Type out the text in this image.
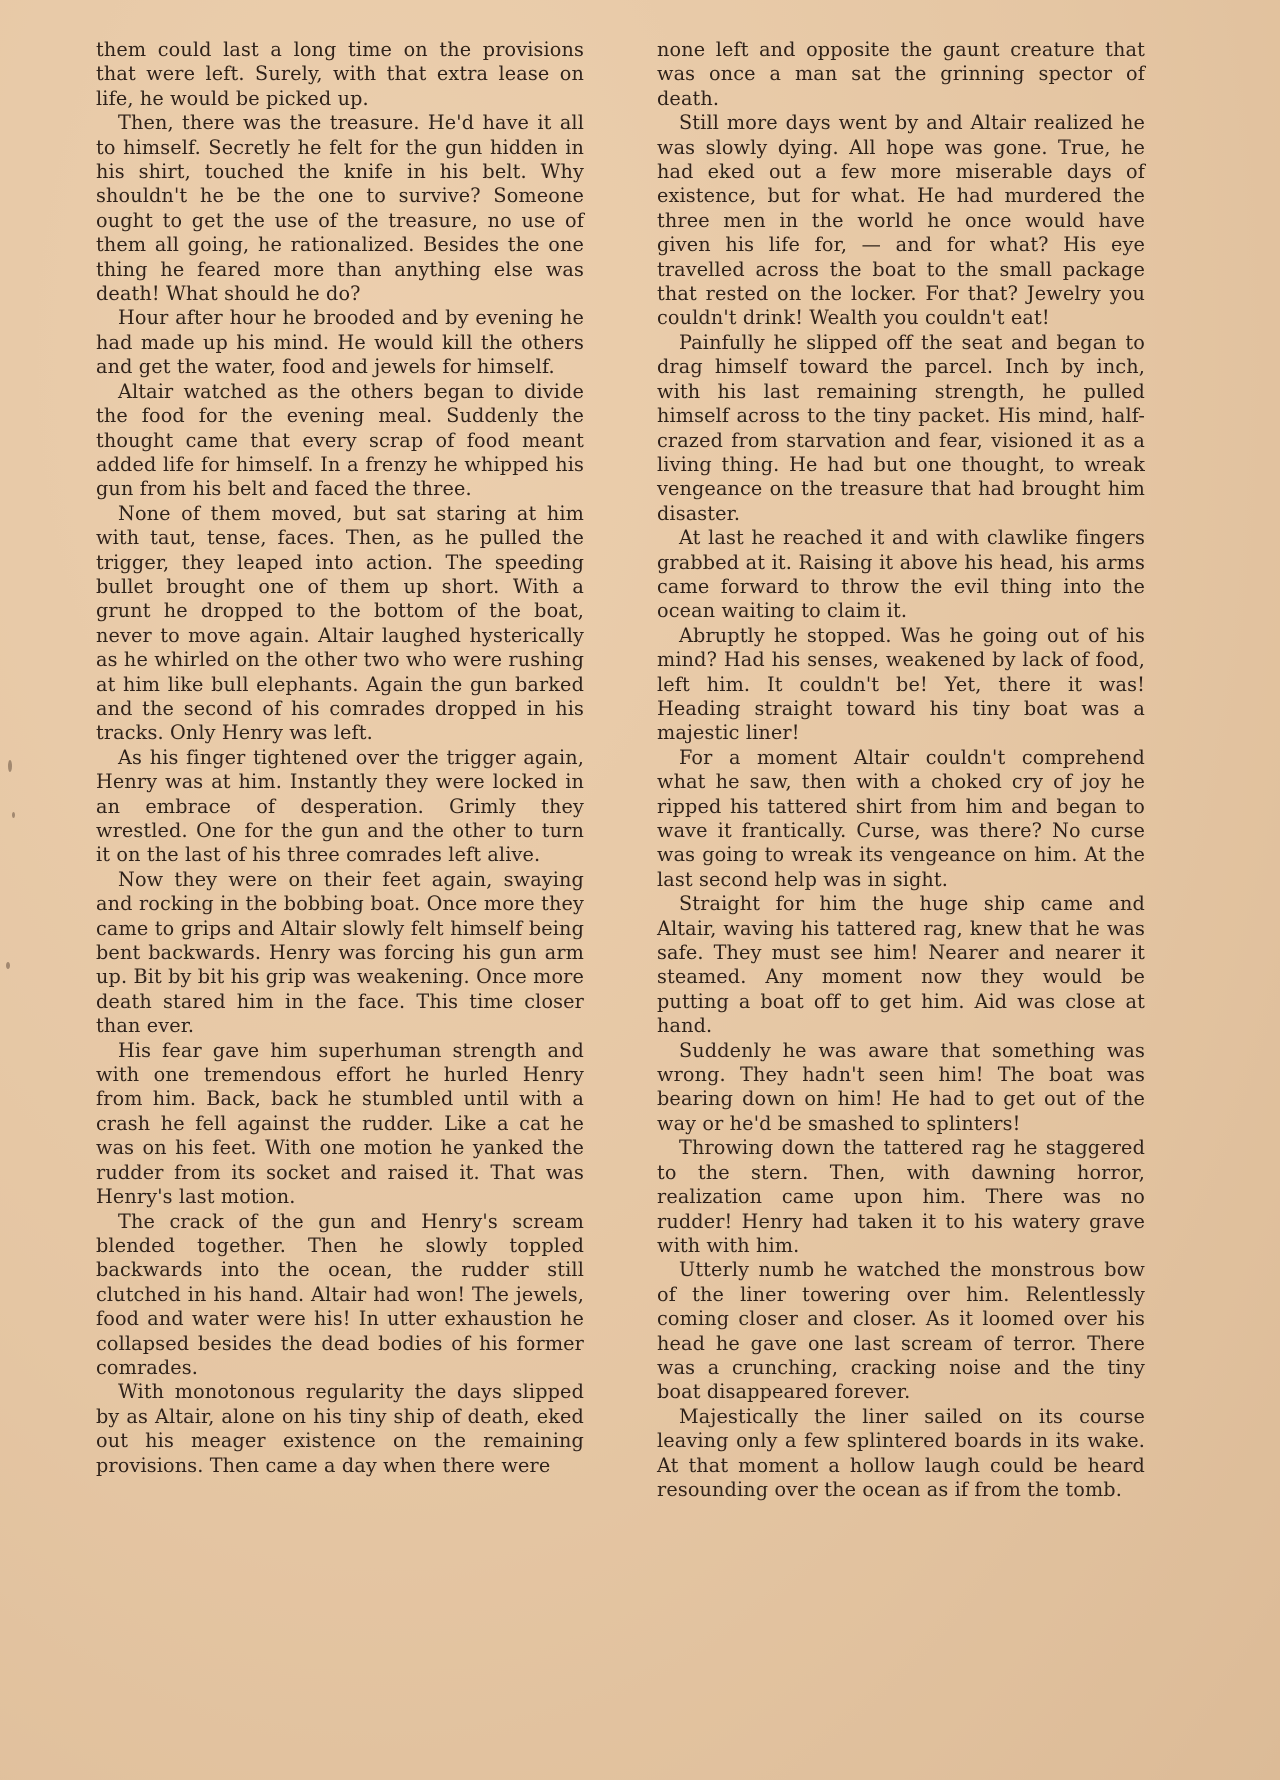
them could last a long time on the provisions that were left. Surely, with that extra lease on life, he would be picked up.

Then, there was the treasure. He'd have it all to himself. Secretly he felt for the gun hidden in his shirt, touched the knife in his belt. Why shouldn't he be the one to survive? Someone ought to get the use of the treasure, no use of them all going, he rationalized. Besides the one thing he feared more than anything else was death! What should he do?

Hour after hour he brooded and by evening he had made up his mind. He would kill the others and get the water, food and jewels for himself.

Altair watched as the others began to divide the food for the evening meal. Suddenly the thought came that every scrap of food meant added life for himself. In a frenzy he whipped his gun from his belt and faced the three.

None of them moved, but sat staring at him with taut, tense, faces. Then, as he pulled the trigger, they leaped into action. The speeding bullet brought one of them up short. With a grunt he dropped to the bottom of the boat, never to move again. Altair laughed hysterically as he whirled on the other two who were rushing at him like bull elephants. Again the gun barked and the second of his comrades dropped in his tracks. Only Henry was left.

As his finger tightened over the trigger again, Henry was at him. Instantly they were locked in an embrace of desperation. Grimly they wrestled. One for the gun and the other to turn it on the last of his three comrades left alive.

Now they were on their feet again, swaying and rocking in the bobbing boat. Once more they came to grips and Altair slowly felt himself being bent backwards. Henry was forcing his gun arm up. Bit by bit his grip was weakening. Once more death stared him in the face. This time closer than ever.

His fear gave him superhuman strength and with one tremendous effort he hurled Henry from him. Back, back he stumbled until with a crash he fell against the rudder. Like a cat he was on his feet. With one motion he yanked the rudder from its socket and raised it. That was Henry's last motion.

The crack of the gun and Henry's scream blended together. Then he slowly toppled backwards into the ocean, the rudder still clutched in his hand. Altair had won! The jewels, food and water were his! In utter exhaustion he collapsed besides the dead bodies of his former comrades.

With monotonous regularity the days slipped by as Altair, alone on his tiny ship of death, eked out his meager existence on the remaining provisions. Then came a day when there were

none left and opposite the gaunt creature that was once a man sat the grinning spector of death.

Still more days went by and Altair realized he was slowly dying. All hope was gone. True, he had eked out a few more miserable days of existence, but for what. He had murdered the three men in the world he once would have given his life for, — and for what? His eye travelled across the boat to the small package that rested on the locker. For that? Jewelry you couldn't drink! Wealth you couldn't eat!

Painfully he slipped off the seat and began to drag himself toward the parcel. Inch by inch, with his last remaining strength, he pulled himself across to the tiny packet. His mind, half-crazed from starvation and fear, visioned it as a living thing. He had but one thought, to wreak vengeance on the treasure that had brought him disaster.

At last he reached it and with clawlike fingers grabbed at it. Raising it above his head, his arms came forward to throw the evil thing into the ocean waiting to claim it.

Abruptly he stopped. Was he going out of his mind? Had his senses, weakened by lack of food, left him. It couldn't be! Yet, there it was! Heading straight toward his tiny boat was a majestic liner!

For a moment Altair couldn't comprehend what he saw, then with a choked cry of joy he ripped his tattered shirt from him and began to wave it frantically. Curse, was there? No curse was going to wreak its vengeance on him. At the last second help was in sight.

Straight for him the huge ship came and Altair, waving his tattered rag, knew that he was safe. They must see him! Nearer and nearer it steamed. Any moment now they would be putting a boat off to get him. Aid was close at hand.

Suddenly he was aware that something was wrong. They hadn't seen him! The boat was bearing down on him! He had to get out of the way or he'd be smashed to splinters!

Throwing down the tattered rag he staggered to the stern. Then, with dawning horror, realization came upon him. There was no rudder! Henry had taken it to his watery grave with with him.

Utterly numb he watched the monstrous bow of the liner towering over him. Relentlessly coming closer and closer. As it loomed over his head he gave one last scream of terror. There was a crunching, cracking noise and the tiny boat disappeared forever.

Majestically the liner sailed on its course leaving only a few splintered boards in its wake. At that moment a hollow laugh could be heard resounding over the ocean as if from the tomb.
